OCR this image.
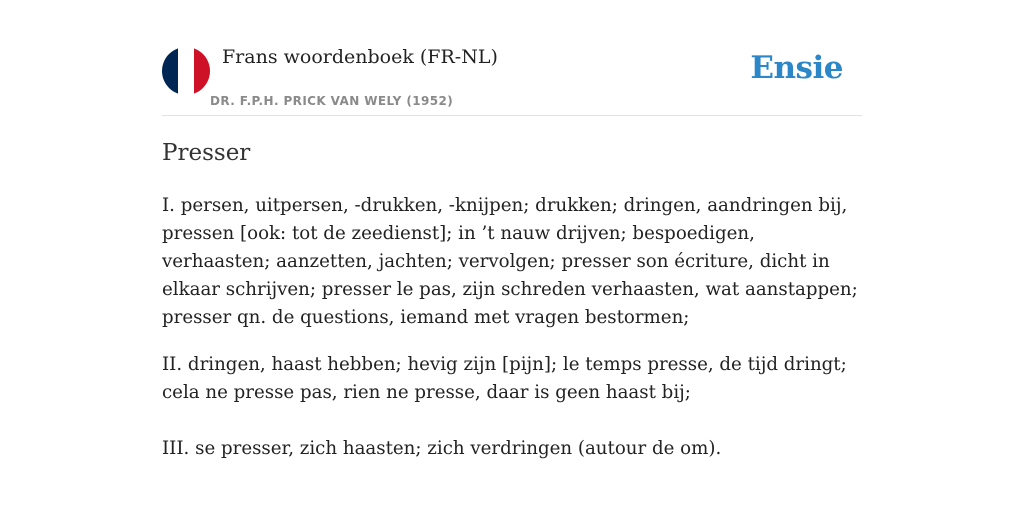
Frans woordenboek (FR-NL)
DR. F.P.H. PRICK VAN WELY (1952)
Ensie
Presser

I. persen, uitpersen, -drukken, -knijpen; drukken; dringen, aandringen bij, pressen [ook: tot de zeedienst]; in ’t nauw drijven; bespoedigen, verhaasten; aanzetten, jachten; vervolgen; presser son écriture, dicht in elkaar schrijven; presser le pas, zijn schreden verhaasten, wat aanstappen; presser qn. de questions, iemand met vragen bestormen;

II. dringen, haast hebben; hevig zijn [pijn]; le temps presse, de tijd dringt; cela ne presse pas, rien ne presse, daar is geen haast bij;

III. se presser, zich haasten; zich verdringen (autour de om).
